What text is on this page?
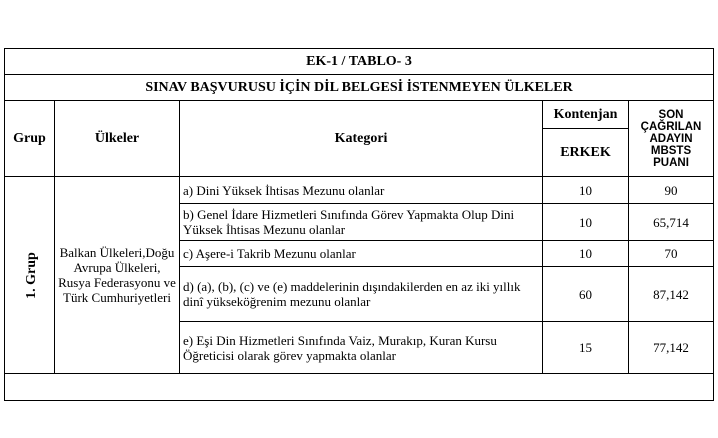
EK-1 / TABLO- 3				
SINAV BAŞVURUSU İÇİN DİL BELGESİ İSTENMEYEN ÜLKELER				
Grup	Ülkeler	Kategori	Kontenjan	SON ÇAĞRILAN ADAYIN MBSTS PUANI
			ERKEK	
1. Grup	Balkan Ülkeleri,Doğu Avrupa Ülkeleri, Rusya Federasyonu ve Türk Cumhuriyetleri	a) Dini Yüksek İhtisas Mezunu olanlar	10	90
		b) Genel İdare Hizmetleri Sınıfında Görev Yapmakta Olup Dini Yüksek İhtisas Mezunu olanlar	10	65,714
		c) Aşere-i Takrib Mezunu olanlar	10	70
		d) (a), (b), (c) ve (e) maddelerinin dışındakilerden en az iki yıllık dinî yükseköğrenim mezunu olanlar	60	87,142
		e) Eşi Din Hizmetleri Sınıfında Vaiz, Murakıp, Kuran Kursu Öğreticisi olarak görev yapmakta olanlar	15	77,142
